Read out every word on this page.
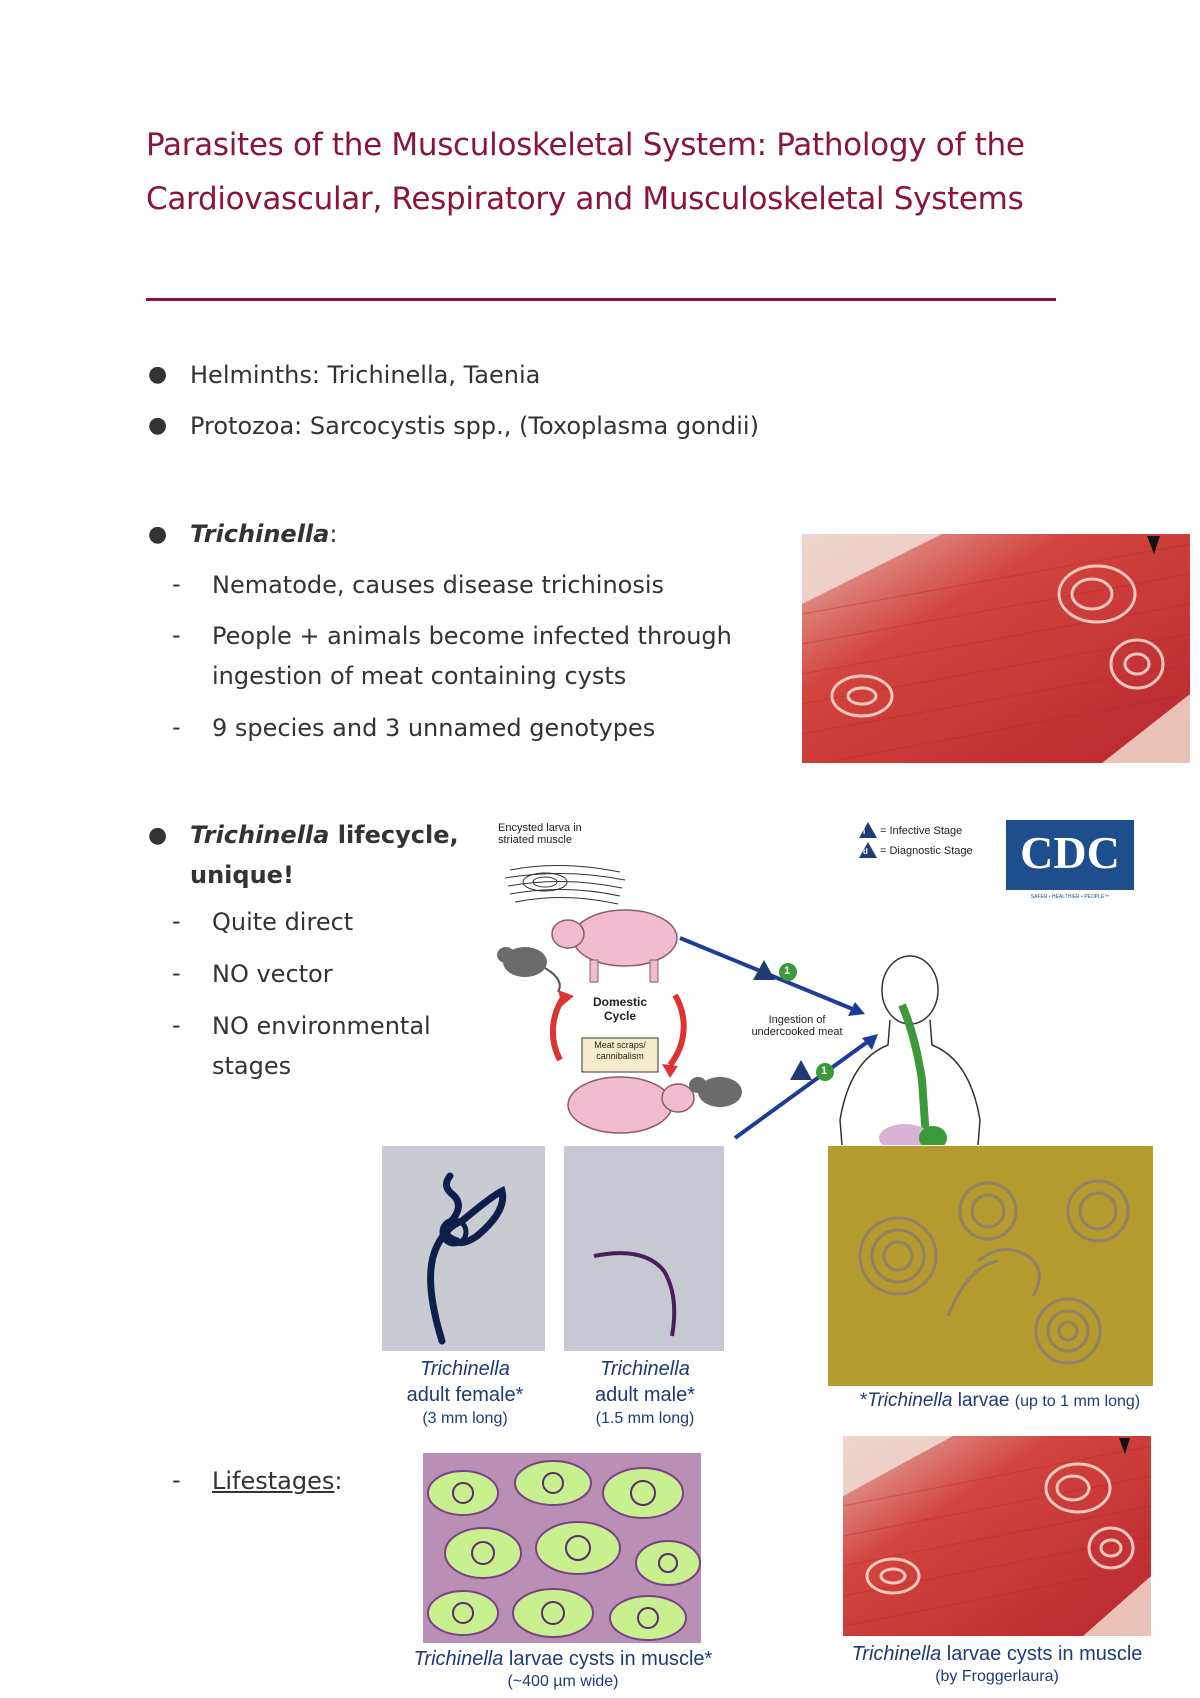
Parasites of the Musculoskeletal System: Pathology of the Cardiovascular, Respiratory and Musculoskeletal Systems
● Helminths: Trichinella, Taenia
● Protozoa: Sarcocystis spp., (Toxoplasma gondii)
● Trichinella:
- Nematode, causes disease trichinosis
- People + animals become infected through
ingestion of meat containing cysts
- 9 species and 3 unnamed genotypes
● Trichinella lifecycle,
unique!
- Quite direct
- NO vector
- NO environmental
stages
Encysted larva in
striated muscle
i
d
= Infective Stage
= Diagnostic Stage CDC
SAFER • HEALTHIER • PEOPLE™
Domestic
Cycle
Meat scraps/
cannibalism
1
1
Ingestion of
undercooked meat
Trichinella
adult female*
(3 mm long)
Trichinella
adult male*
(1.5 mm long)
*Trichinella larvae (up to 1 mm long)
- Lifestages:
Trichinella larvae cysts in muscle*
(~400 µm wide)
Trichinella larvae cysts in muscle
(by Froggerlaura)
